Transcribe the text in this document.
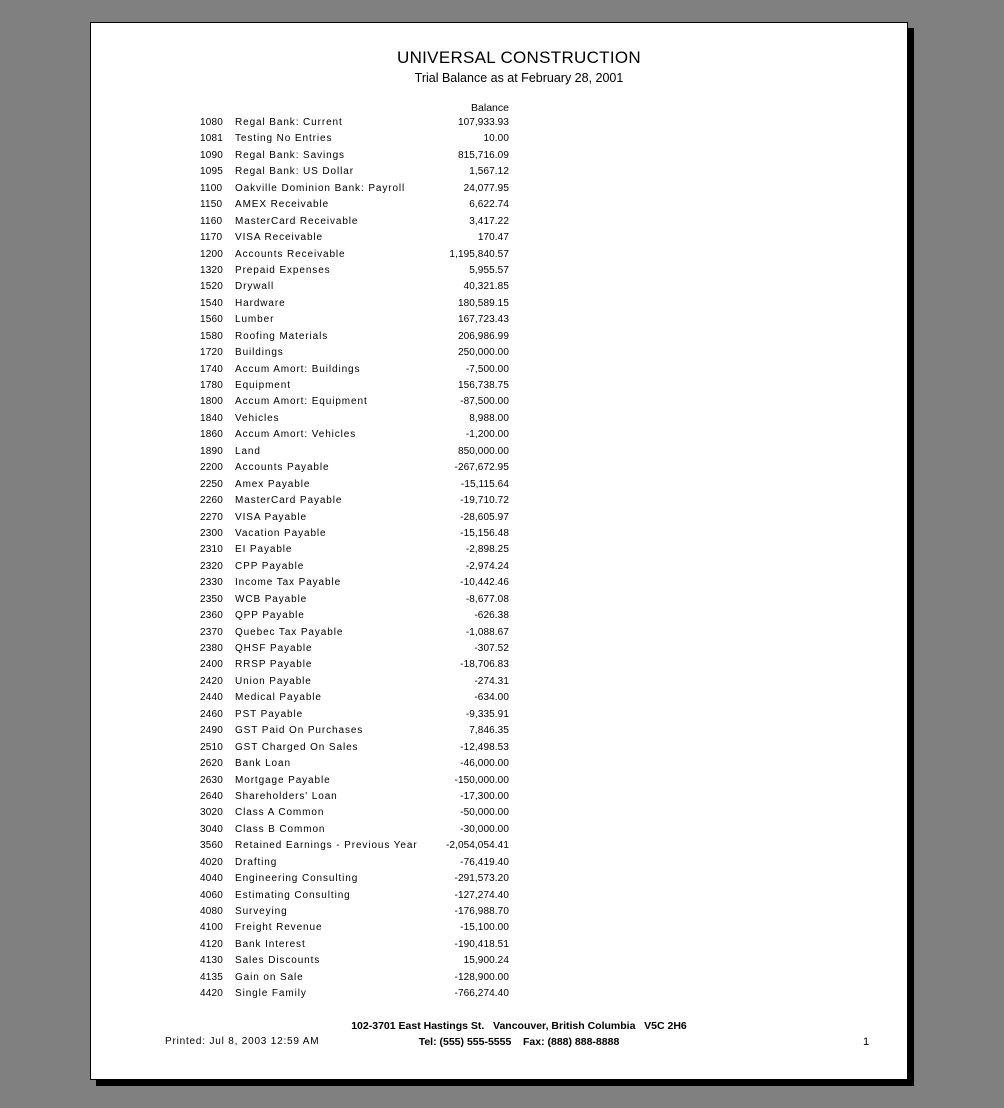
UNIVERSAL CONSTRUCTION
Trial Balance as at February 28, 2001
Balance
1080 Regal Bank: Current	107,933.93
1081 Testing No Entries	10.00
1090 Regal Bank: Savings	815,716.09
1095 Regal Bank: US Dollar	1,567.12
1100 Oakville Dominion Bank: Payroll	24,077.95
1150 AMEX Receivable	6,622.74
1160 MasterCard Receivable	3,417.22
1170 VISA Receivable	170.47
1200 Accounts Receivable	1,195,840.57
1320 Prepaid Expenses	5,955.57
1520 Drywall	40,321.85
1540 Hardware	180,589.15
1560 Lumber	167,723.43
1580 Roofing Materials	206,986.99
1720 Buildings	250,000.00
1740 Accum Amort: Buildings	-7,500.00
1780 Equipment	156,738.75
1800 Accum Amort: Equipment	-87,500.00
1840 Vehicles	8,988.00
1860 Accum Amort: Vehicles	-1,200.00
1890 Land	850,000.00
2200 Accounts Payable	-267,672.95
2250 Amex Payable	-15,115.64
2260 MasterCard Payable	-19,710.72
2270 VISA Payable	-28,605.97
2300 Vacation Payable	-15,156.48
2310 EI Payable	-2,898.25
2320 CPP Payable	-2,974.24
2330 Income Tax Payable	-10,442.46
2350 WCB Payable	-8,677.08
2360 QPP Payable	-626.38
2370 Quebec Tax Payable	-1,088.67
2380 QHSF Payable	-307.52
2400 RRSP Payable	-18,706.83
2420 Union Payable	-274.31
2440 Medical Payable	-634.00
2460 PST Payable	-9,335.91
2490 GST Paid On Purchases	7,846.35
2510 GST Charged On Sales	-12,498.53
2620 Bank Loan	-46,000.00
2630 Mortgage Payable	-150,000.00
2640 Shareholders' Loan	-17,300.00
3020 Class A Common	-50,000.00
3040 Class B Common	-30,000.00
3560 Retained Earnings - Previous Year	-2,054,054.41
4020 Drafting	-76,419.40
4040 Engineering Consulting	-291,573.20
4060 Estimating Consulting	-127,274.40
4080 Surveying	-176,988.70
4100 Freight Revenue	-15,100.00
4120 Bank Interest	-190,418.51
4130 Sales Discounts	15,900.24
4135 Gain on Sale	-128,900.00
4420 Single Family	-766,274.40
102-3701 East Hastings St.   Vancouver, British Columbia   V5C 2H6
Printed: Jul 8, 2003 12:59 AM	Tel: (555) 555-5555    Fax: (888) 888-8888	1
